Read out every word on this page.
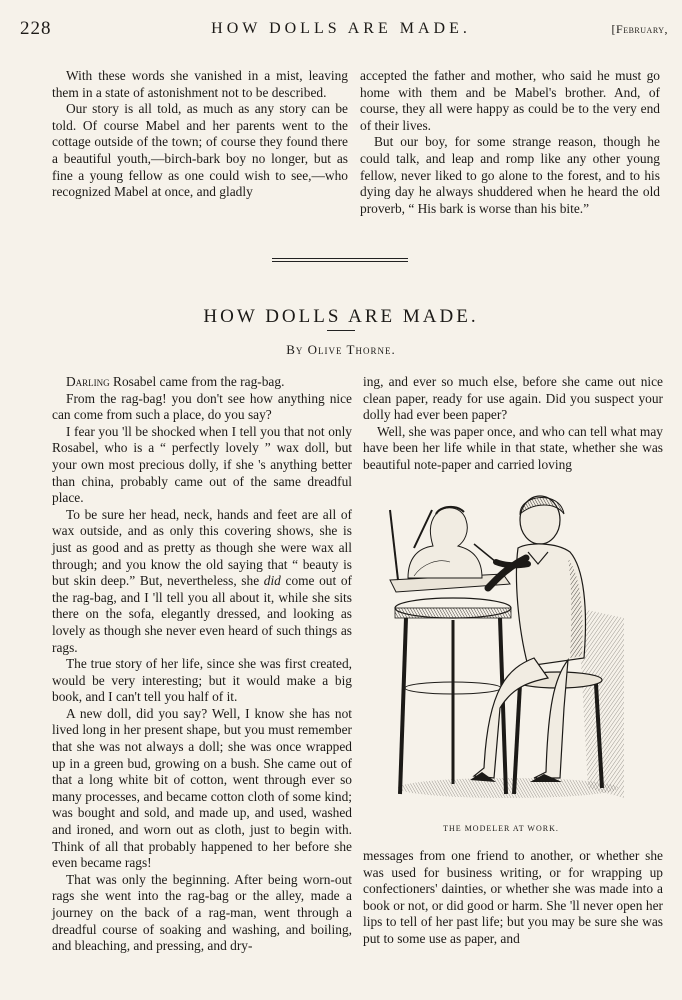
228	HOW DOLLS ARE MADE.	[February,

With these words she vanished in a mist, leaving them in a state of astonishment not to be described.

Our story is all told, as much as any story can be told. Of course Mabel and her parents went to the cottage outside of the town; of course they found there a beautiful youth,—birch-bark boy no longer, but as fine a young fellow as one could wish to see,—who recognized Mabel at once, and gladly

accepted the father and mother, who said he must go home with them and be Mabel's brother. And, of course, they all were happy as could be to the very end of their lives.

But our boy, for some strange reason, though he could talk, and leap and romp like any other young fellow, never liked to go alone to the forest, and to his dying day he always shuddered when he heard the old proverb, “ His bark is worse than his bite.”

HOW DOLLS ARE MADE.
By Olive Thorne.

Darling Rosabel came from the rag-bag.

From the rag-bag! you don't see how anything nice can come from such a place, do you say?

I fear you 'll be shocked when I tell you that not only Rosabel, who is a “ perfectly lovely ” wax doll, but your own most precious dolly, if she 's anything better than china, probably came out of the same dreadful place.

To be sure her head, neck, hands and feet are all of wax outside, and as only this covering shows, she is just as good and as pretty as though she were wax all through; and you know the old saying that “ beauty is but skin deep.” But, nevertheless, she did come out of the rag-bag, and I 'll tell you all about it, while she sits there on the sofa, elegantly dressed, and looking as lovely as though she never even heard of such things as rags.

The true story of her life, since she was first created, would be very interesting; but it would make a big book, and I can't tell you half of it.

A new doll, did you say? Well, I know she has not lived long in her present shape, but you must remember that she was not always a doll; she was once wrapped up in a green bud, growing on a bush. She came out of that a long white bit of cotton, went through ever so many processes, and became cotton cloth of some kind; was bought and sold, and made up, and used, washed and ironed, and worn out as cloth, just to begin with. Think of all that probably happened to her before she even became rags!

That was only the beginning. After being worn-out rags she went into the rag-bag or the alley, made a journey on the back of a rag-man, went through a dreadful course of soaking and washing, and boiling, and bleaching, and pressing, and dry-

ing, and ever so much else, before she came out nice clean paper, ready for use again. Did you suspect your dolly had ever been paper?

Well, she was paper once, and who can tell what may have been her life while in that state, whether she was beautiful note-paper and carried loving

THE MODELER AT WORK.

messages from one friend to another, or whether she was used for business writing, or for wrapping up confectioners' dainties, or whether she was made into a book or not, or did good or harm. She 'll never open her lips to tell of her past life; but you may be sure she was put to some use as paper, and
